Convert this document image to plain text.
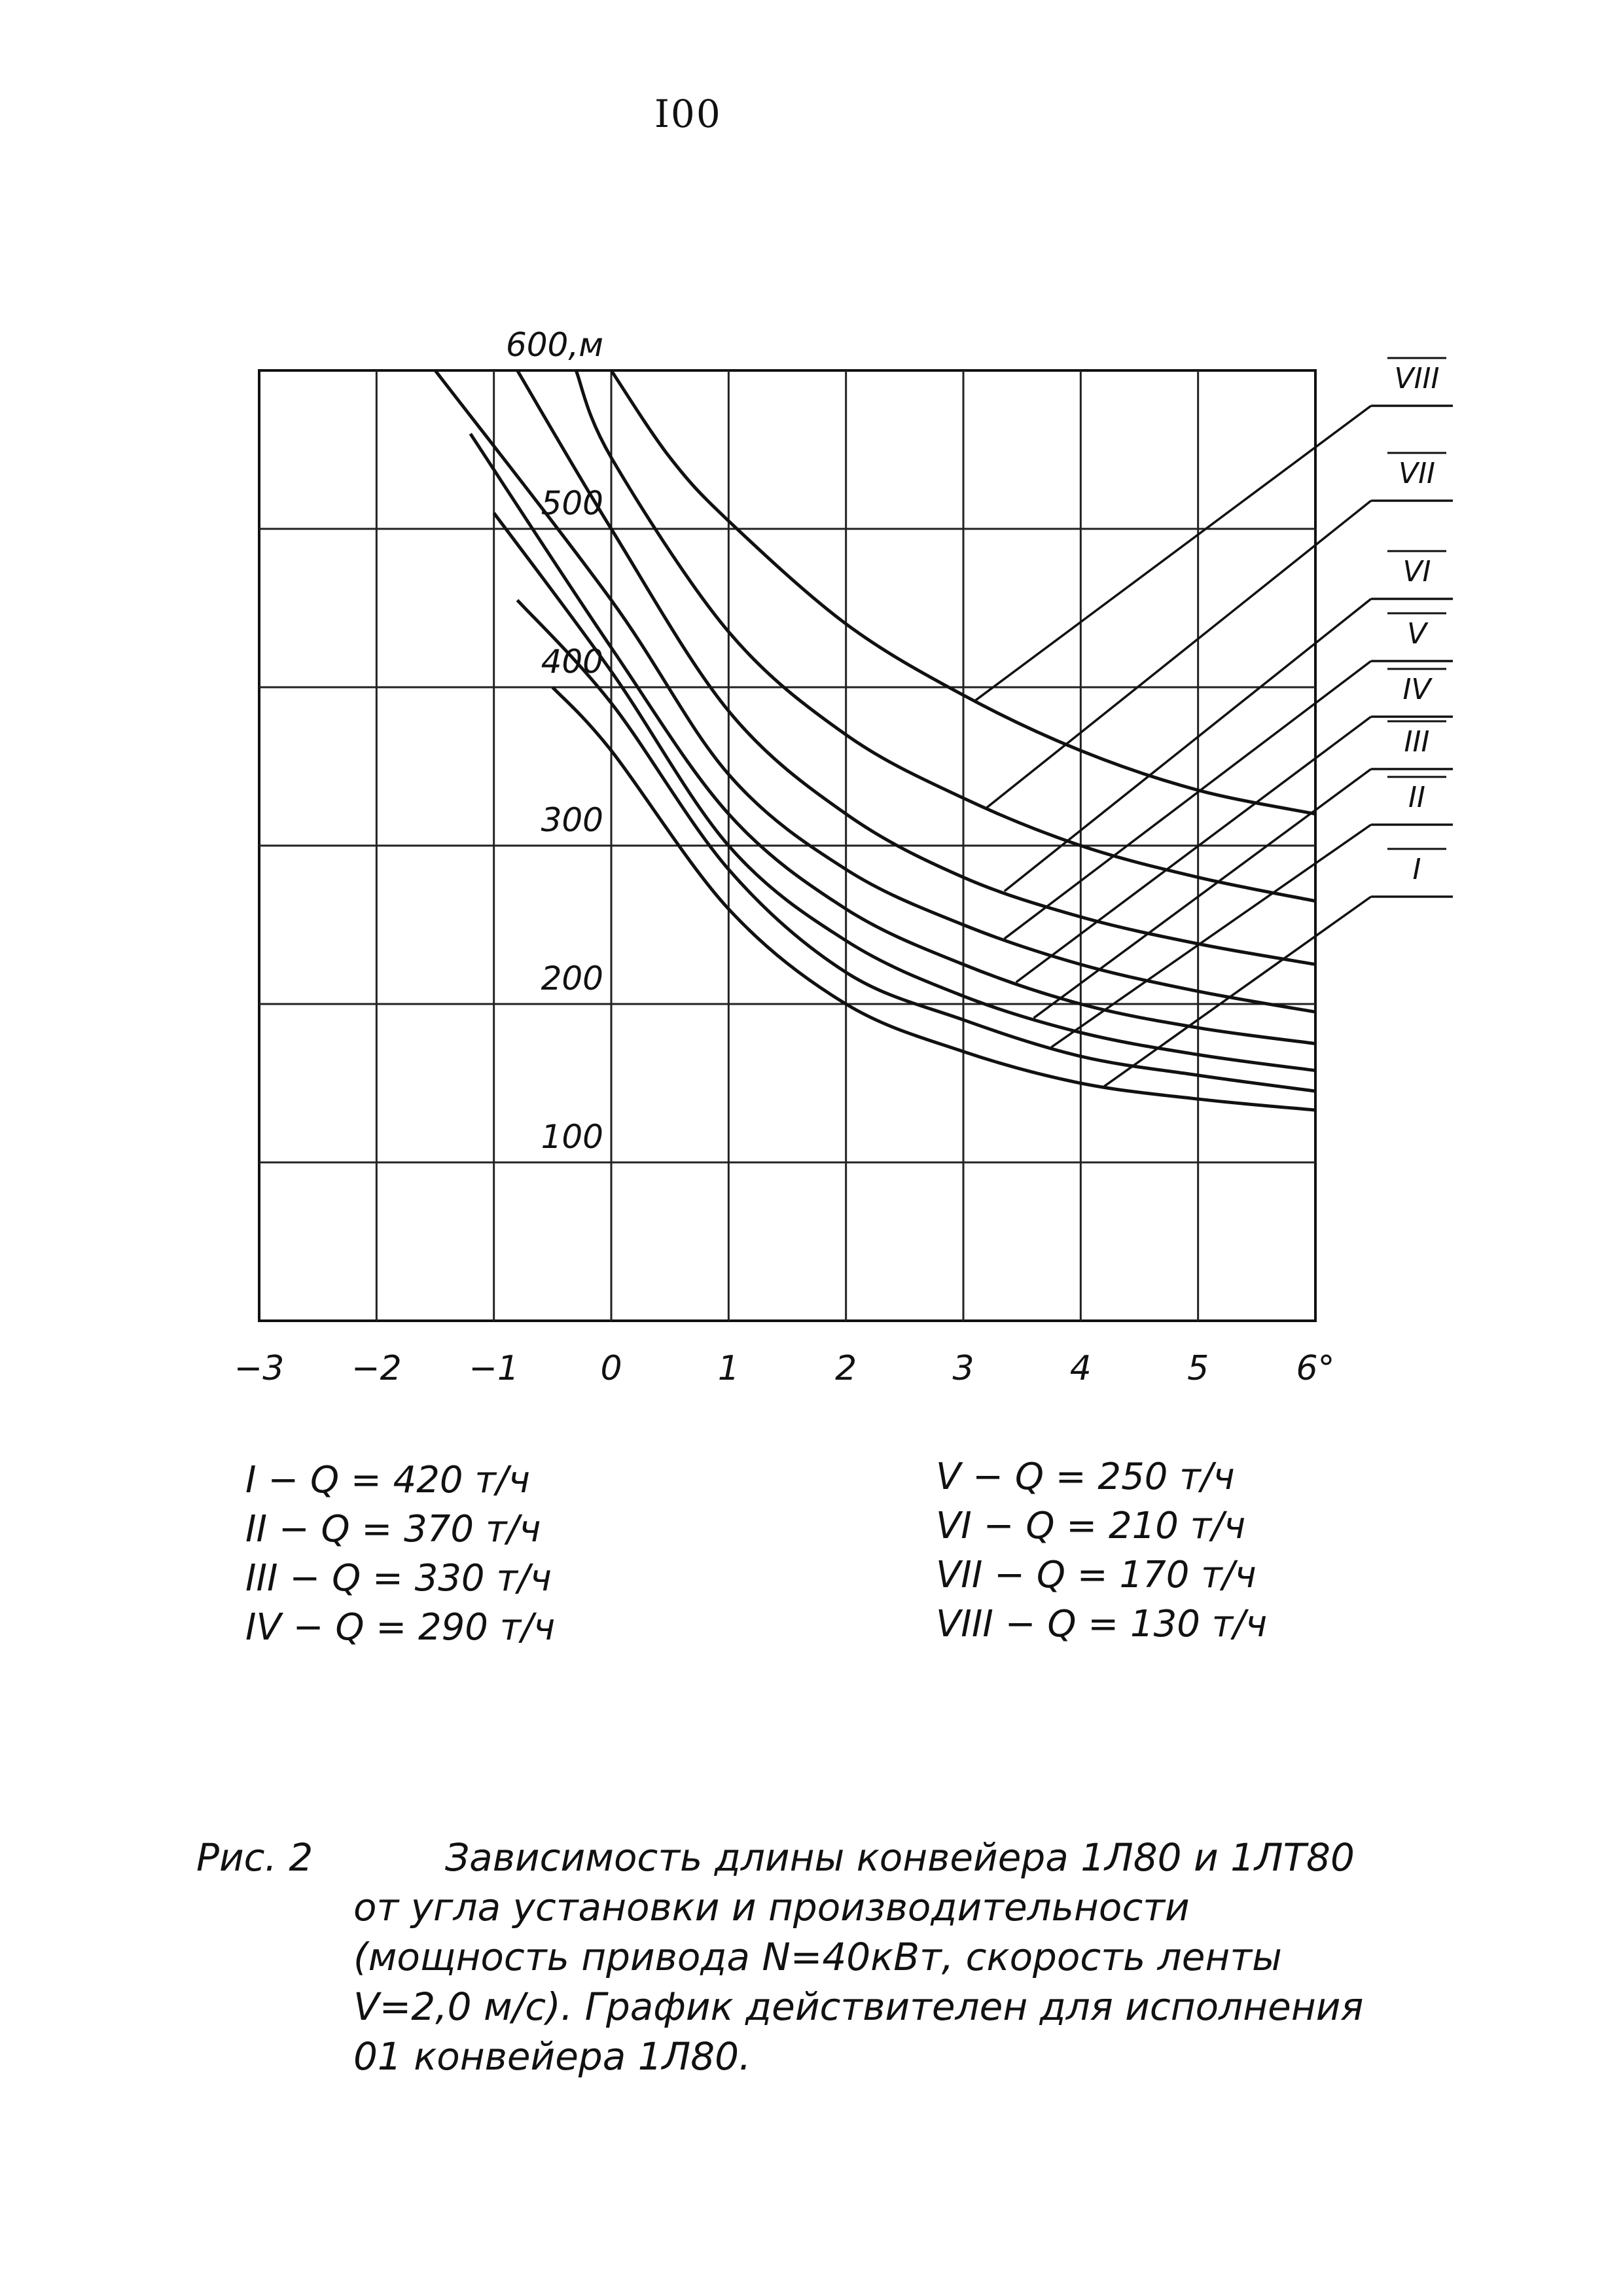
I00
−3 −2 −1 0	1	2	3	4	5	6°
100
200
300
400
500
600,м
VIII
VII
VI
V
IV
III
II
I
I − Q = 420 т/ч
II − Q = 370 т/ч
III − Q = 330 т/ч
IV − Q = 290 т/ч
V − Q = 250 т/ч
VI − Q = 210 т/ч
VII − Q = 170 т/ч
VIII − Q = 130 т/ч
Рис. 2	Зависимость длины конвейера 1Л80 и 1ЛТ80
от угла установки и производительности
(мощность привода N=40кВт, скорость ленты
V=2,0 м/с). График действителен для исполнения
01 конвейера 1Л80.
